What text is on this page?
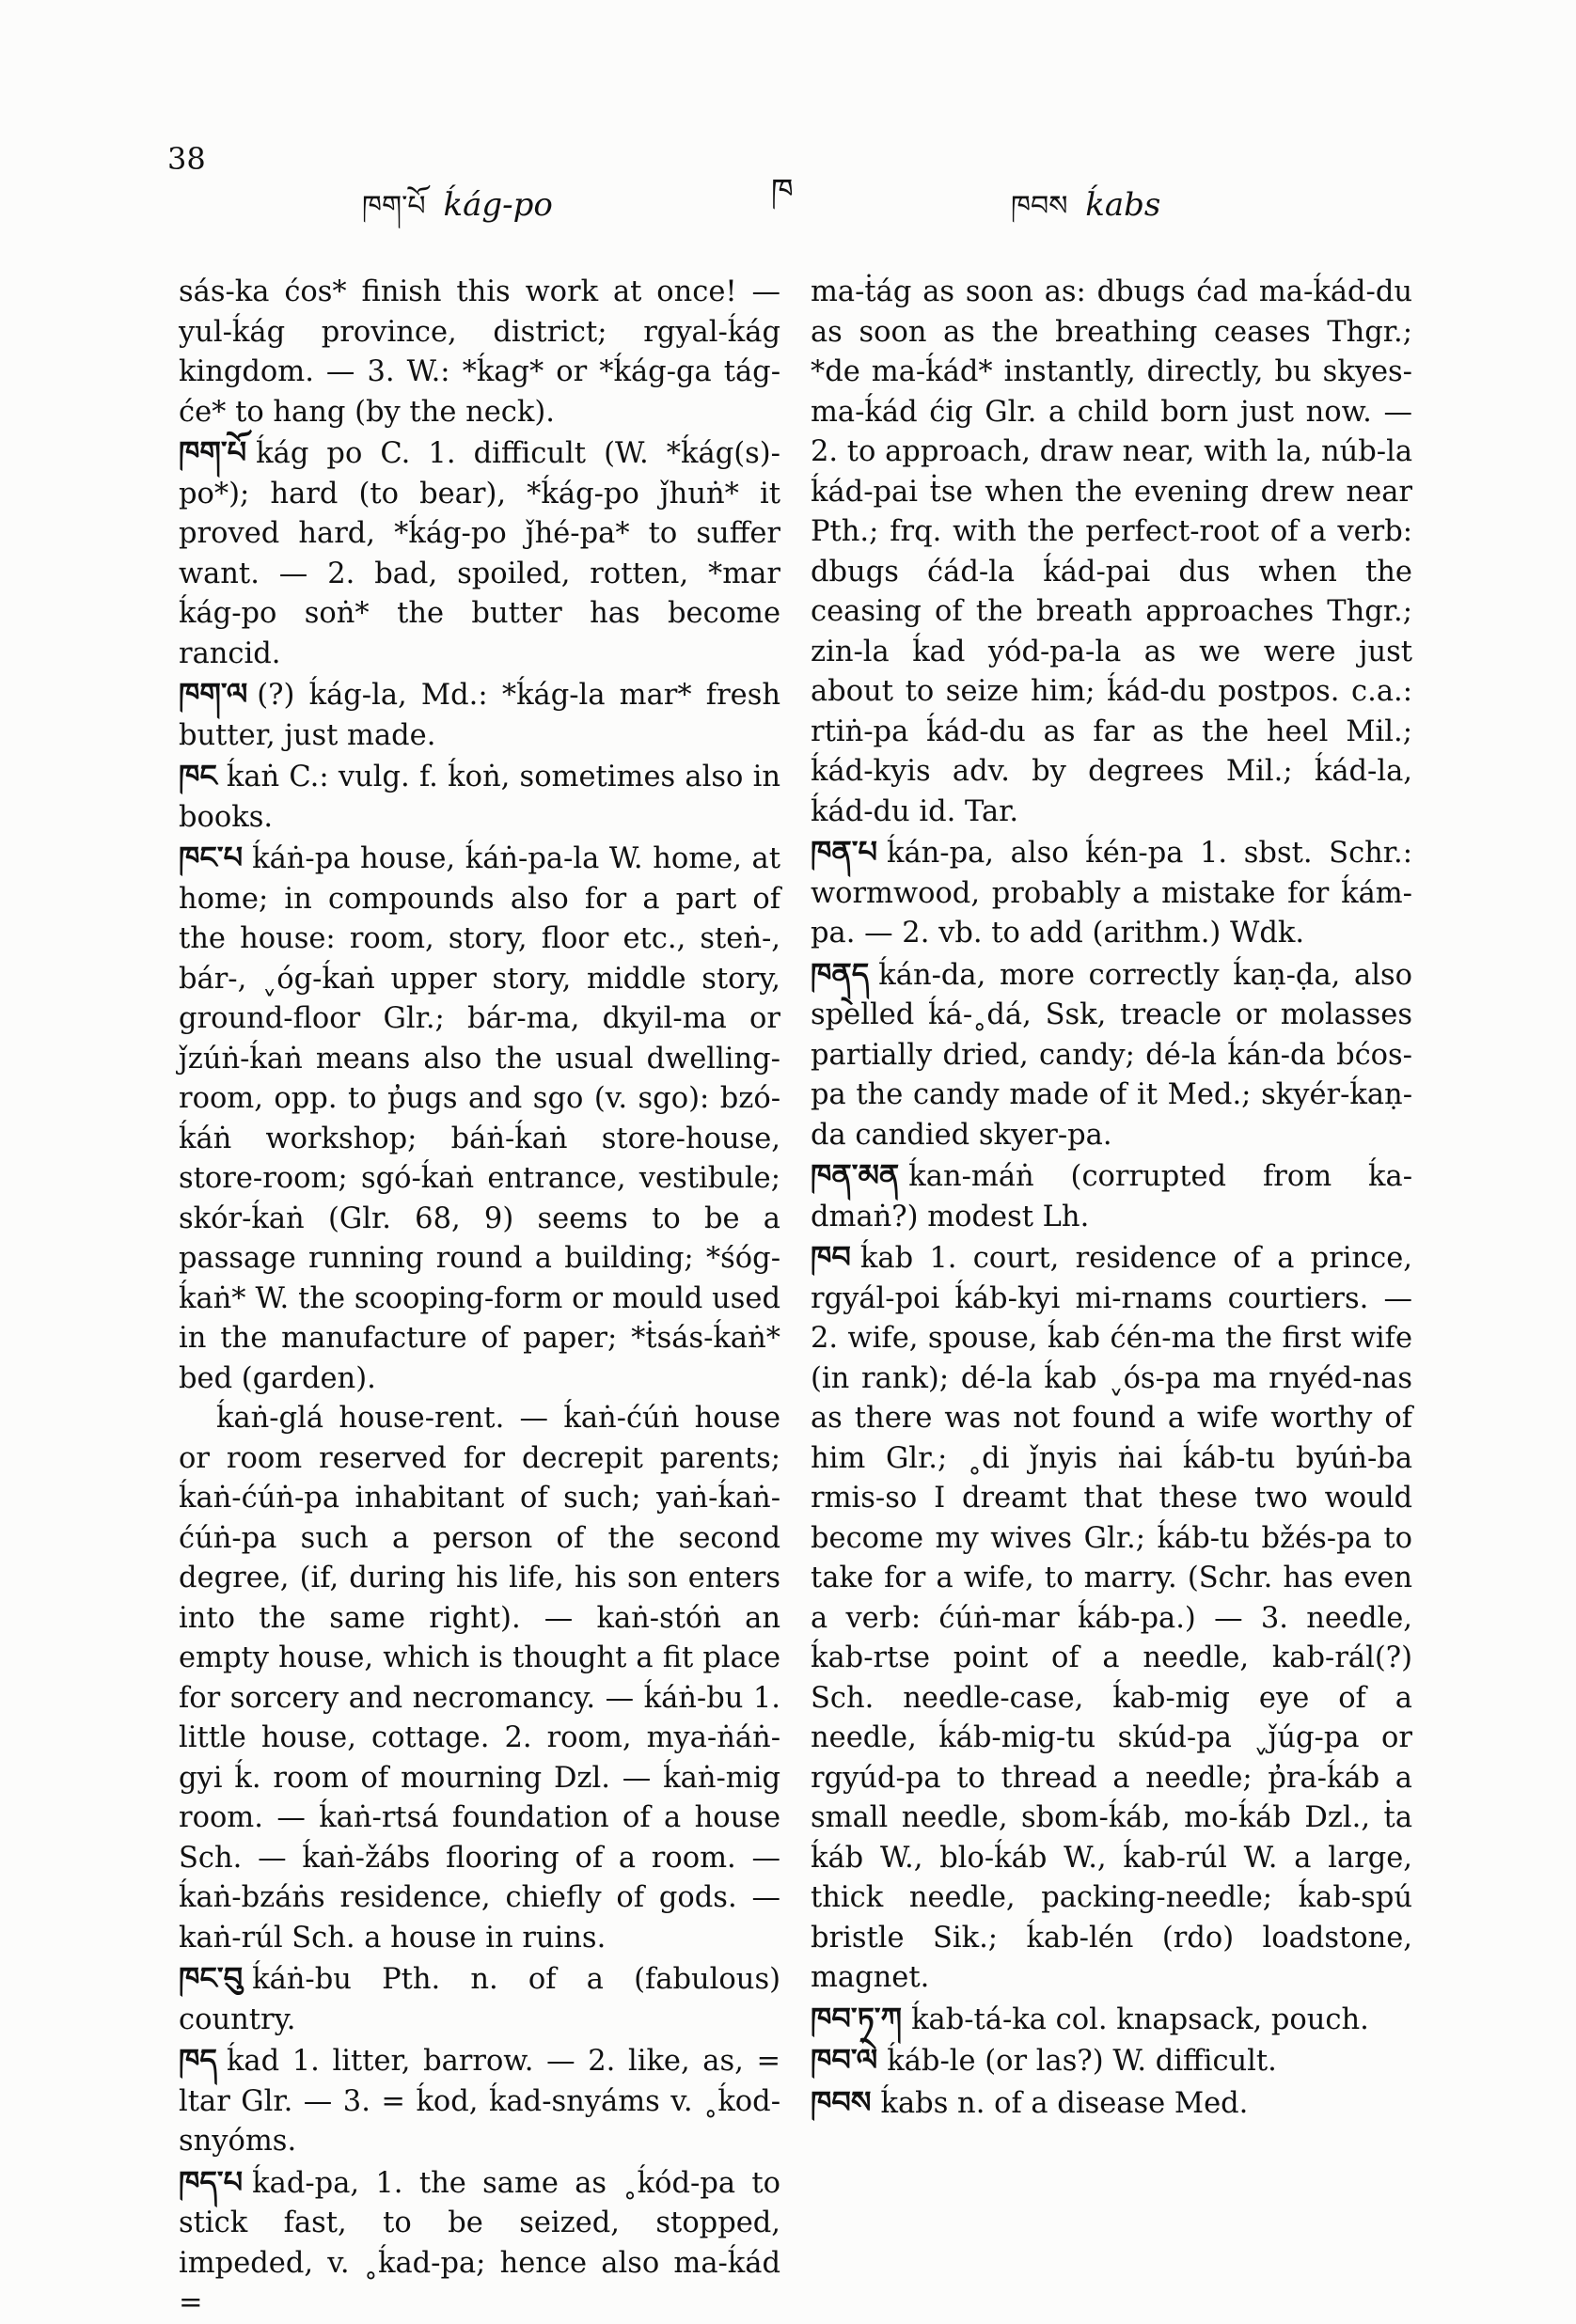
38
ཁག་པོ ḱág-po	ཁ	ཁབས ḱabs

sás-ka ćos* finish this work at once! — yul-ḱág province, district; rgyal-ḱág kingdom. — 3. W.: *ḱag* or *ḱág-ga tág-će* to hang (by the neck).

ཁག་པོ ḱág po C. 1. difficult (W. *ḱág(s)-po*); hard (to bear), *ḱág-po ǰhuṅ* it proved hard, *ḱág-po ǰhé-pa* to suffer want. — 2. bad, spoiled, rotten, *mar ḱág-po soṅ* the butter has become rancid.

ཁག་ལ (?) ḱág-la, Md.: *ḱág-la mar* fresh butter, just made.

ཁང ḱaṅ C.: vulg. f. ḱoṅ, sometimes also in books.

ཁང་པ ḱáṅ-pa house, ḱáṅ-pa-la W. home, at home; in compounds also for a part of the house: room, story, floor etc., steṅ-, bár-, ˬóg-ḱaṅ upper story, middle story, ground-floor Glr.; bár-ma, dkyil-ma or ǰzúṅ-ḱaṅ means also the usual dwelling-room, opp. to p̓ugs and sgo (v. sgo): bzó-ḱáṅ workshop; báṅ-ḱaṅ store-house, store-room; sgó-ḱaṅ entrance, vestibule; skór-ḱaṅ (Glr. 68, 9) seems to be a passage running round a building; *śóg-ḱaṅ* W. the scooping-form or mould used in the manufacture of paper; *ṫsás-ḱaṅ* bed (garden).

ḱaṅ-glá house-rent. — ḱaṅ-ćúṅ house or room reserved for decrepit parents; ḱaṅ-ćúṅ-pa inhabitant of such; yaṅ-ḱaṅ-ćúṅ-pa such a person of the second degree, (if, during his life, his son enters into the same right). — kaṅ-stóṅ an empty house, which is thought a fit place for sorcery and necromancy. — ḱáṅ-bu 1. little house, cottage. 2. room, mya-ṅáṅ-gyi ḱ. room of mourning Dzl. — ḱaṅ-mig room. — ḱaṅ-rtsá foundation of a house Sch. — ḱaṅ-žábs flooring of a room. — ḱaṅ-bzáṅs residence, chiefly of gods. — kaṅ-rúl Sch. a house in ruins.

ཁང་བུ ḱáṅ-bu Pth. n. of a (fabulous) country.

ཁད ḱad 1. litter, barrow. — 2. like, as, = ltar Glr. — 3. = ḱod, ḱad-snyáms v. ˳ḱod-snyóms.

ཁད་པ ḱad-pa, 1. the same as ˳ḱód-pa to stick fast, to be seized, stopped, impeded, v. ˳ḱad-pa; hence also ma-ḱád =

ma-ṫág as soon as: dbugs ćad ma-ḱád-du as soon as the breathing ceases Thgr.; *de ma-ḱád* instantly, directly, bu skyes-ma-ḱád ćig Glr. a child born just now. — 2. to approach, draw near, with la, núb-la ḱád-pai ṫse when the evening drew near Pth.; frq. with the perfect-root of a verb: dbugs ćád-la ḱád-pai dus when the ceasing of the breath approaches Thgr.; zin-la ḱad yód-pa-la as we were just about to seize him; ḱád-du postpos. c.a.: rtiṅ-pa ḱád-du as far as the heel Mil.; ḱád-kyis adv. by degrees Mil.; ḱád-la, ḱád-du id. Tar.

ཁན་པ ḱán-pa, also ḱén-pa 1. sbst. Schr.: wormwood, probably a mistake for ḱám-pa. — 2. vb. to add (arithm.) Wdk.

ཁན྄ད ḱán-da, more correctly ḱaṇ-ḍa, also spelled ḱá-˳dá, Ssk, treacle or molasses partially dried, candy; dé-la ḱán-da bćos-pa the candy made of it Med.; skyér-ḱaṇ-da candied skyer-pa.

ཁན་མན ḱan-máṅ (corrupted from ḱa-dmaṅ?) modest Lh.

ཁབ ḱab 1. court, residence of a prince, rgyál-poi ḱáb-kyi mi-rnams courtiers. — 2. wife, spouse, ḱab ćén-ma the first wife (in rank); dé-la ḱab ˬós-pa ma rnyéd-nas as there was not found a wife worthy of him Glr.; ˳di ǰnyis ṅai ḱáb-tu byúṅ-ba rmis-so I dreamt that these two would become my wives Glr.; ḱáb-tu bžés-pa to take for a wife, to marry. (Schr. has even a verb: ćúṅ-mar ḱáb-pa.) — 3. needle, ḱab-rtse point of a needle, kab-rál(?) Sch. needle-case, ḱab-mig eye of a needle, ḱáb-mig-tu skúd-pa ˬǰúg-pa or rgyúd-pa to thread a needle; p̓ra-ḱáb a small needle, sbom-ḱáb, mo-ḱáb Dzl., ṫa ḱáb W., blo-ḱáb W., ḱab-rúl W. a large, thick needle, packing-needle; ḱab-spú bristle Sik.; ḱab-lén (rdo) loadstone, magnet.

ཁབ་ཏ་ཀ ḱab-tá-ka col. knapsack, pouch.

ཁབ་ལེ ḱáb-le (or las?) W. difficult.

ཁབས ḱabs n. of a disease Med.
